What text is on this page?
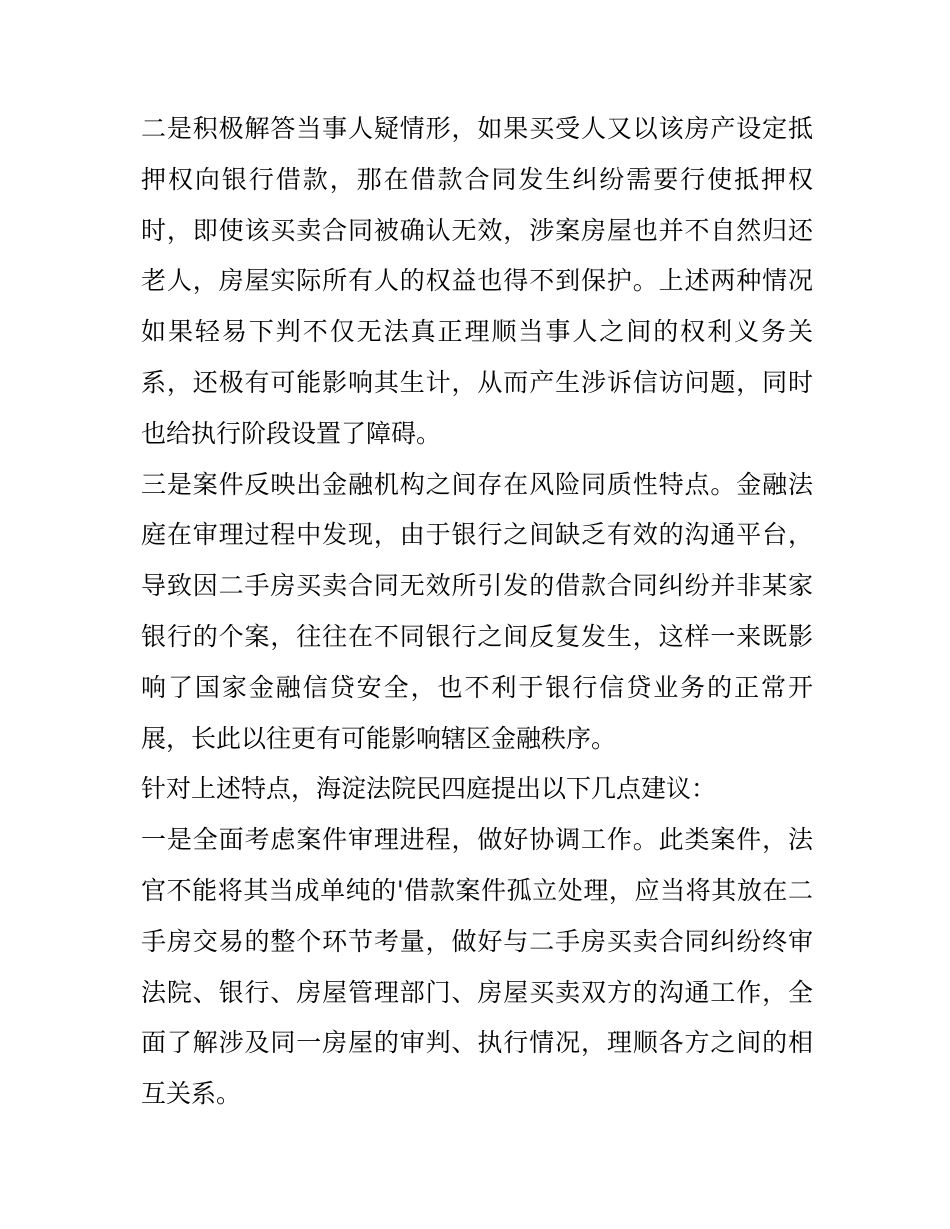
二是积极解答当事人疑情形，如果买受人又以该房产设定抵押权向银行借款，那在借款合同发生纠纷需要行使抵押权时，即使该买卖合同被确认无效，涉案房屋也并不自然归还老人，房屋实际所有人的权益也得不到保护。上述两种情况如果轻易下判不仅无法真正理顺当事人之间的权利义务关系，还极有可能影响其生计，从而产生涉诉信访问题，同时也给执行阶段设置了障碍。

三是案件反映出金融机构之间存在风险同质性特点。金融法庭在审理过程中发现，由于银行之间缺乏有效的沟通平台，导致因二手房买卖合同无效所引发的借款合同纠纷并非某家银行的个案，往往在不同银行之间反复发生，这样一来既影响了国家金融信贷安全，也不利于银行信贷业务的正常开展，长此以往更有可能影响辖区金融秩序。

针对上述特点，海淀法院民四庭提出以下几点建议：

一是全面考虑案件审理进程，做好协调工作。此类案件，法官不能将其当成单纯的'借款案件孤立处理，应当将其放在二手房交易的整个环节考量，做好与二手房买卖合同纠纷终审法院、银行、房屋管理部门、房屋买卖双方的沟通工作，全面了解涉及同一房屋的审判、执行情况，理顺各方之间的相互关系。
